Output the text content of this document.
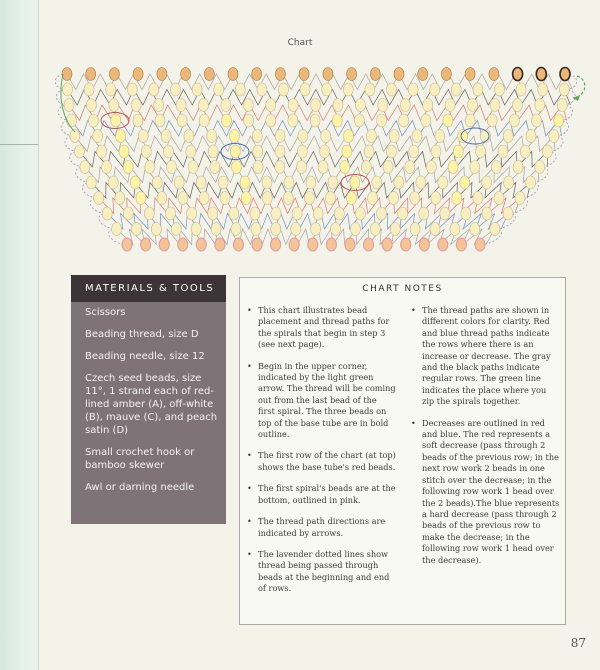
Chart
MATERIALS & TOOLS
Scissors
Beading thread, size D
Beading needle, size 12
Czech seed beads, size 11°, 1 strand each of red-lined amber (A), off-white (B), mauve (C), and peach satin (D)
Small crochet hook or bamboo skewer
Awl or darning needle
CHART NOTES
• This chart illustrates bead placement and thread paths for the spirals that begin in step 3 (see next page).
• Begin in the upper corner, indicated by the light green arrow. The thread will be coming out from the last bead of the first spiral. The three beads on top of the base tube are in bold outline.
• The first row of the chart (at top) shows the base tube's red beads.
• The first spiral's beads are at the bottom, outlined in pink.
• The thread path directions are indicated by arrows.
• The lavender dotted lines show thread being passed through beads at the beginning and end of rows.
• The thread paths are shown in different colors for clarity. Red and blue thread paths indicate the rows where there is an increase or decrease. The gray and the black paths indicate regular rows. The green line indicates the place where you zip the spirals together.
• Decreases are outlined in red and blue. The red represents a soft decrease (pass through 2 beads of the previous row; in the next row work 2 beads in one stitch over the decrease; in the following row work 1 bead over the 2 beads).The blue represents a hard decrease (pass through 2 beads of the previous row to make the decrease; in the following row work 1 head over the decrease).
87
